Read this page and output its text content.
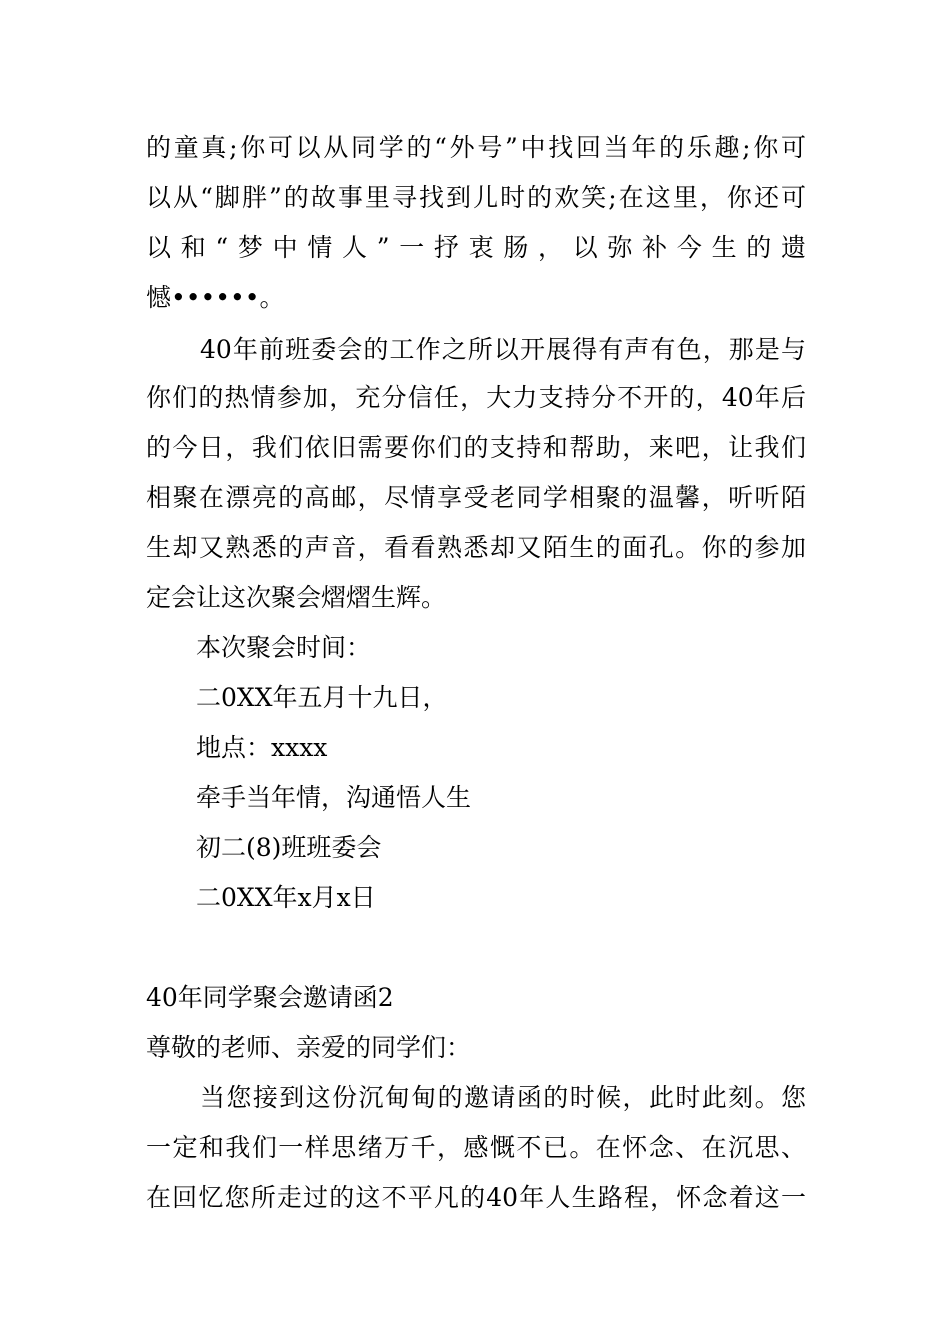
的童真;你可以从同学的“外号”中找回当年的乐趣;你可
以从“脚胖”的故事里寻找到儿时的欢笑;在这里，你还可
以和“梦中情人”一抒衷肠，以弥补今生的遗
憾••••••。
40年前班委会的工作之所以开展得有声有色，那是与
你们的热情参加，充分信任，大力支持分不开的，40年后
的今日，我们依旧需要你们的支持和帮助，来吧，让我们
相聚在漂亮的高邮，尽情享受老同学相聚的温馨，听听陌
生却又熟悉的声音，看看熟悉却又陌生的面孔。你的参加
定会让这次聚会熠熠生辉。
本次聚会时间：
二0XX年五月十九日，
地点：xxxx
牵手当年情，沟通悟人生
初二(8)班班委会
二0XX年x月x日
40年同学聚会邀请函2
尊敬的老师、亲爱的同学们：
当您接到这份沉甸甸的邀请函的时候，此时此刻。您
一定和我们一样思绪万千，感慨不已。在怀念、在沉思、
在回忆您所走过的这不平凡的40年人生路程，怀念着这一
